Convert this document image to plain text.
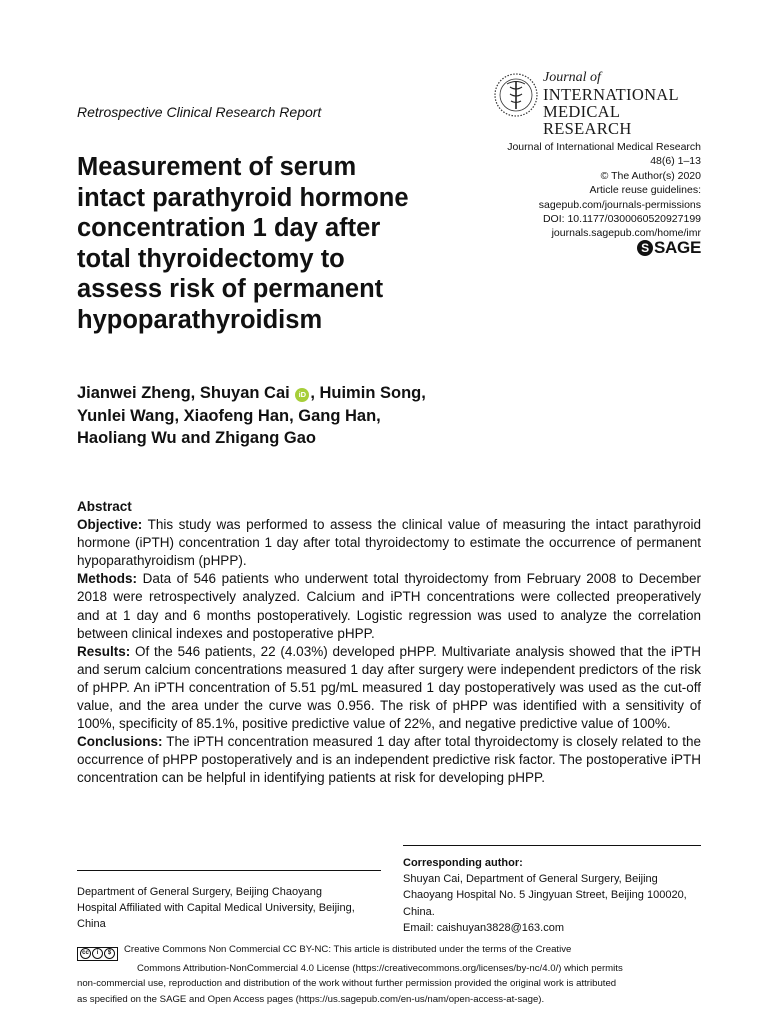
Retrospective Clinical Research Report
Journal of
INTERNATIONAL
MEDICAL RESEARCH
Journal of International Medical Research
48(6) 1–13
© The Author(s) 2020
Article reuse guidelines:
sagepub.com/journals-permissions
DOI: 10.1177/0300060520927199
journals.sagepub.com/home/imr
S SAGE
Measurement of serum
intact parathyroid hormone
concentration 1 day after
total thyroidectomy to
assess risk of permanent
hypoparathyroidism
Jianwei Zheng, Shuyan Cai iD , Huimin Song,
Yunlei Wang, Xiaofeng Han, Gang Han,
Haoliang Wu and Zhigang Gao
Abstract

Objective: This study was performed to assess the clinical value of measuring the intact parathyroid hormone (iPTH) concentration 1 day after total thyroidectomy to estimate the occurrence of permanent hypoparathyroidism (pHPP).

Methods: Data of 546 patients who underwent total thyroidectomy from February 2008 to December 2018 were retrospectively analyzed. Calcium and iPTH concentrations were collected preoperatively and at 1 day and 6 months postoperatively. Logistic regression was used to analyze the correlation between clinical indexes and postoperative pHPP.

Results: Of the 546 patients, 22 (4.03%) developed pHPP. Multivariate analysis showed that the iPTH and serum calcium concentrations measured 1 day after surgery were independent predictors of the risk of pHPP. An iPTH concentration of 5.51 pg/mL measured 1 day postoperatively was used as the cut-off value, and the area under the curve was 0.956. The risk of pHPP was identified with a sensitivity of 100%, specificity of 85.1%, positive predictive value of 22%, and negative predictive value of 100%.

Conclusions: The iPTH concentration measured 1 day after total thyroidectomy is closely related to the occurrence of pHPP postoperatively and is an independent predictive risk factor. The postoperative iPTH concentration can be helpful in identifying patients at risk for developing pHPP.

Department of General Surgery, Beijing Chaoyang
Hospital Affiliated with Capital Medical University, Beijing,
China
Corresponding author:
Shuyan Cai, Department of General Surgery, Beijing
Chaoyang Hospital No. 5 Jingyuan Street, Beijing 100020,
China.
Email: caishuyan3828@163.com
cc	i	$	Creative Commons Non Commercial CC BY-NC: This article is distributed under the terms of the Creative
Commons Attribution-NonCommercial 4.0 License (https://creativecommons.org/licenses/by-nc/4.0/) which permits
non-commercial use, reproduction and distribution of the work without further permission provided the original work is attributed
as specified on the SAGE and Open Access pages (https://us.sagepub.com/en-us/nam/open-access-at-sage).
